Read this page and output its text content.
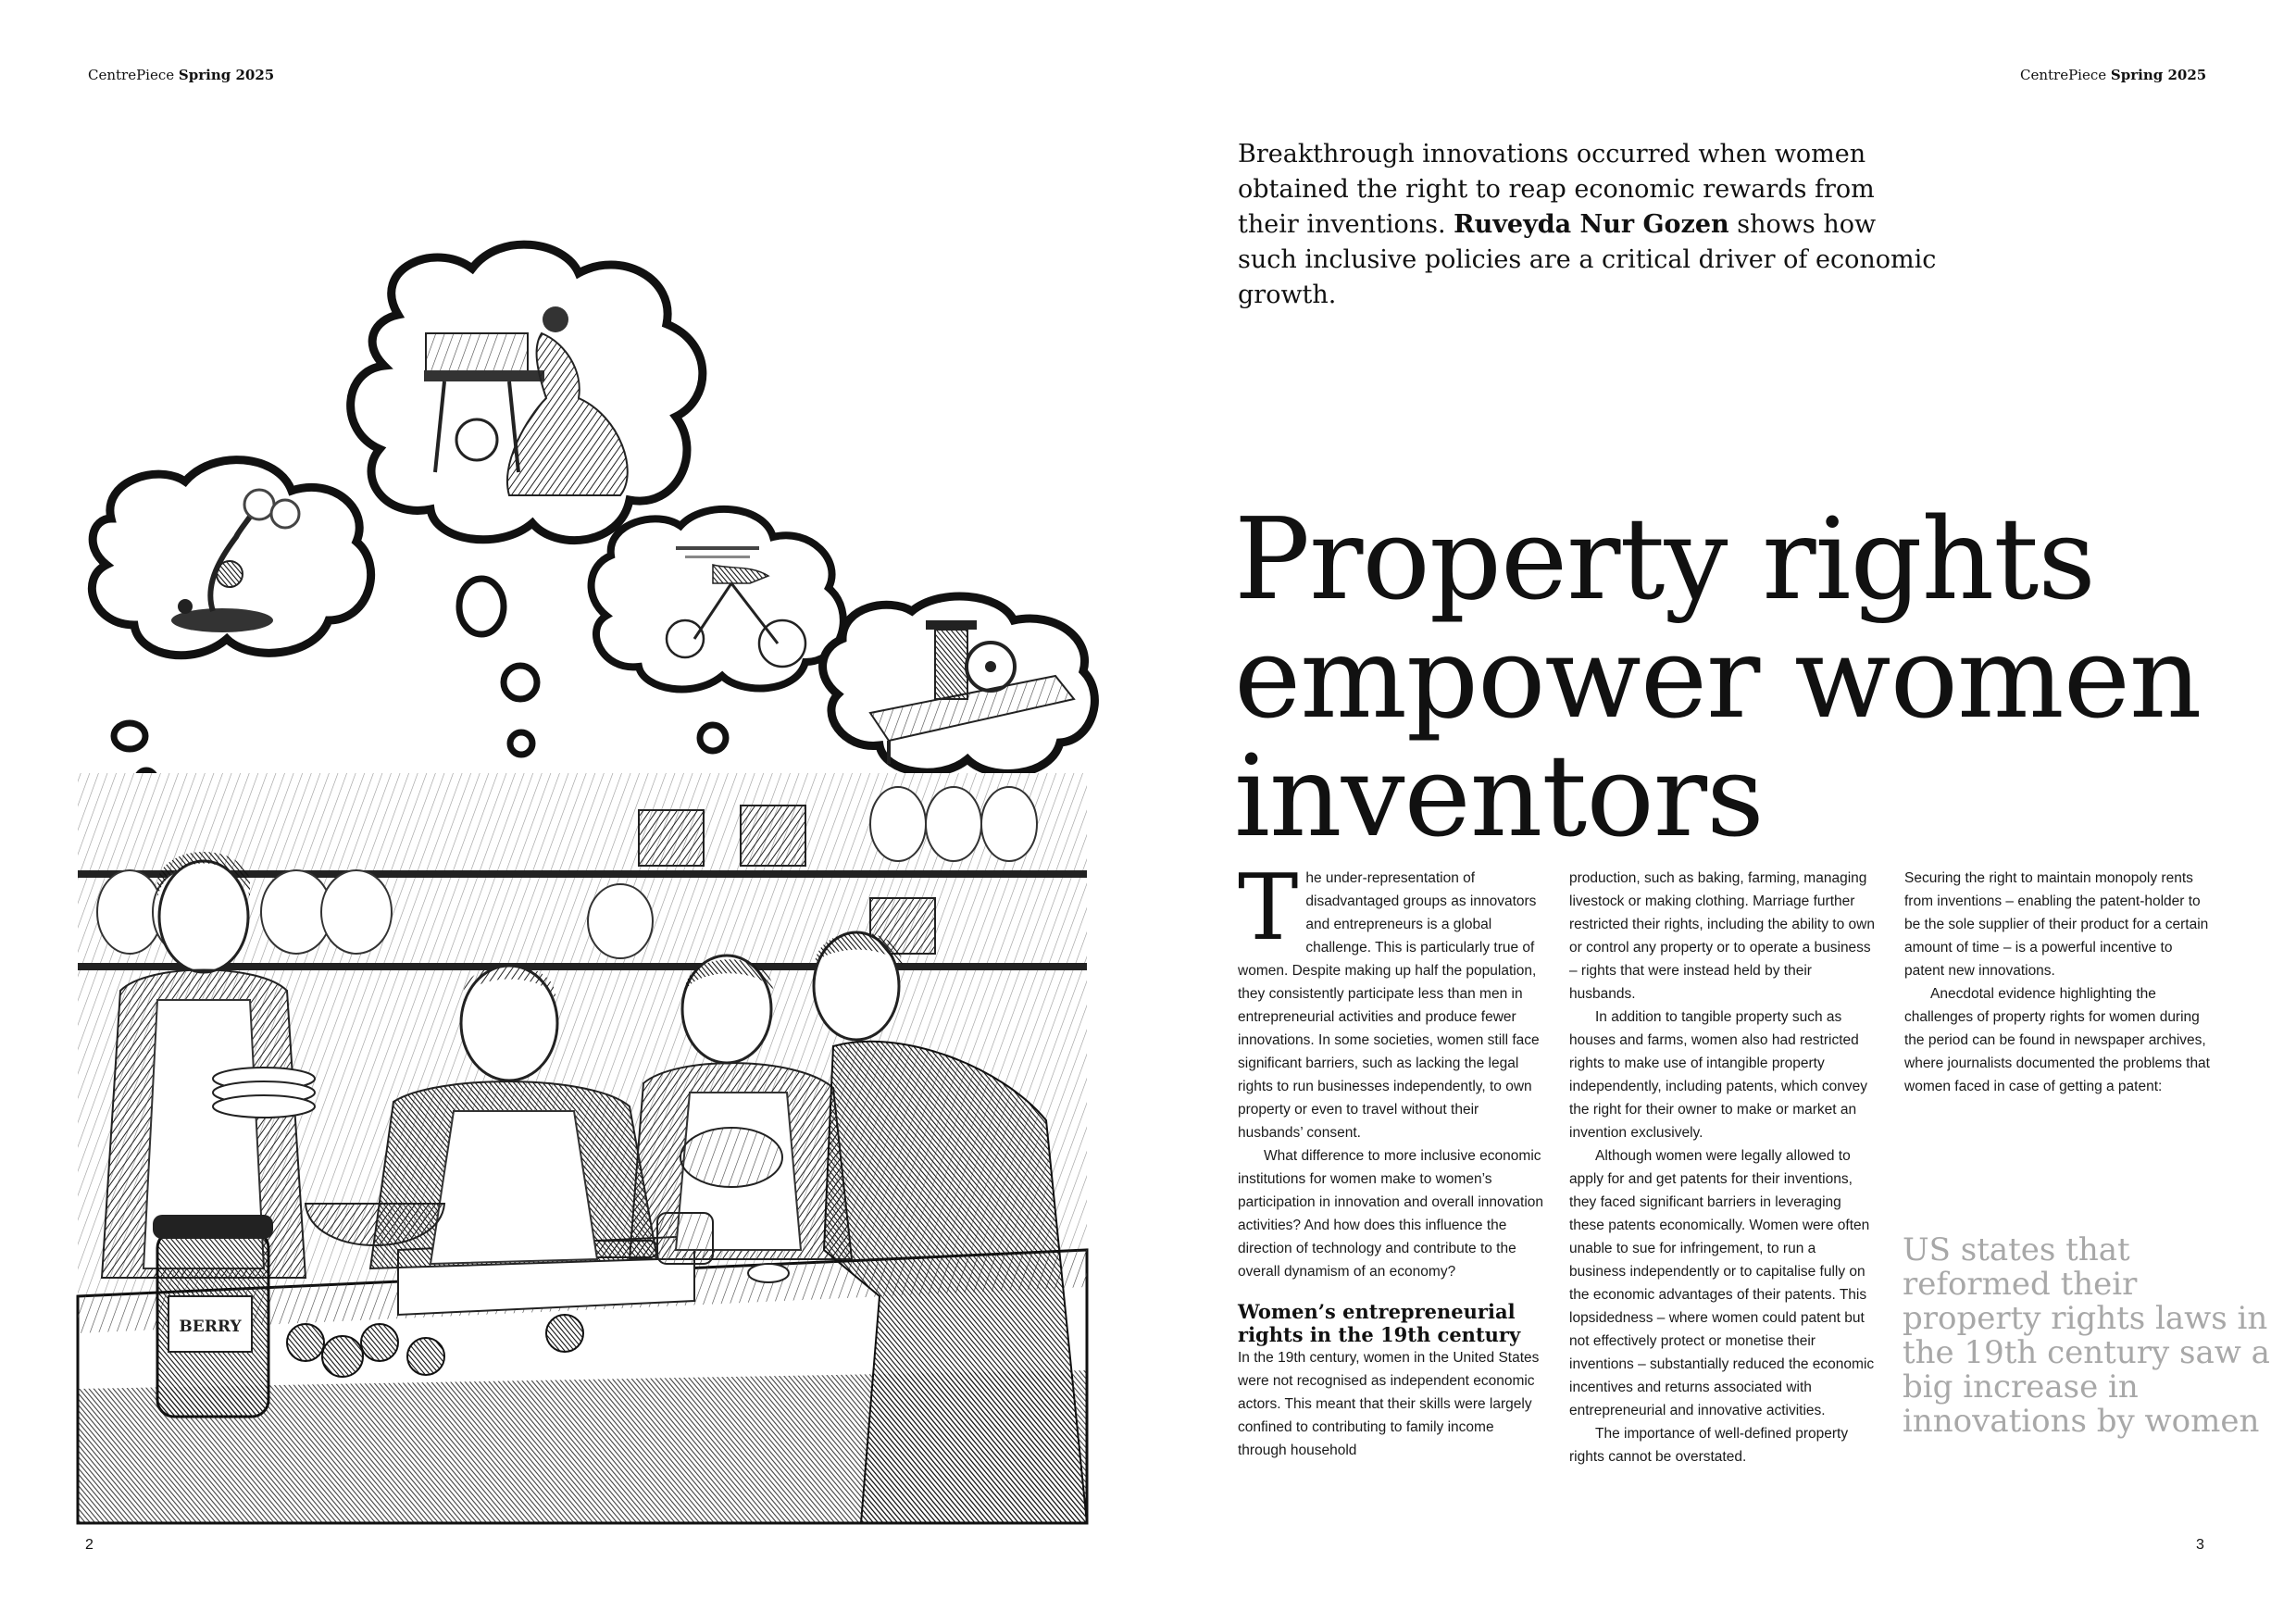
CentrePiece Spring 2025	CentrePiece Spring 2025
BERRY

Breakthrough innovations occurred when women obtained the right to reap economic rewards from their inventions. Ruveyda Nur Gozen shows how such inclusive policies are a critical driver of economic growth.

Property rights empower women inventors

The under-representation of disadvantaged groups as innovators and entrepreneurs is a global challenge. This is particularly true of women. Despite making up half the population, they consistently participate less than men in entrepreneurial activities and produce fewer innovations. In some societies, women still face significant barriers, such as lacking the legal rights to run businesses independently, to own property or even to travel without their husbands’ consent.

What difference to more inclusive economic institutions for women make to women’s participation in innovation and overall innovation activities? And how does this influence the direction of technology and contribute to the overall dynamism of an economy?

Women’s entrepreneurial rights in the 19th century

In the 19th century, women in the United States were not recognised as independent economic actors. This meant that their skills were largely confined to contributing to family income through household

production, such as baking, farming, managing livestock or making clothing. Marriage further restricted their rights, including the ability to own or control any property or to operate a business – rights that were instead held by their husbands.

In addition to tangible property such as houses and farms, women also had restricted rights to make use of intangible property independently, including patents, which convey the right for their owner to make or market an invention exclusively.

Although women were legally allowed to apply for and get patents for their inventions, they faced significant barriers in leveraging these patents economically. Women were often unable to sue for infringement, to run a business independently or to capitalise fully on the economic advantages of their patents. This lopsidedness – where women could patent but not effectively protect or monetise their inventions – substantially reduced the economic incentives and returns associated with entrepreneurial and innovative activities.

The importance of well-defined property rights cannot be overstated.

Securing the right to maintain monopoly rents from inventions – enabling the patent-holder to be the sole supplier of their product for a certain amount of time – is a powerful incentive to patent new innovations.

Anecdotal evidence highlighting the challenges of property rights for women during the period can be found in newspaper archives, where journalists documented the problems that women faced in case of getting a patent:

US states that reformed their property rights laws in the 19th century saw a big increase in innovations by women
2	3
